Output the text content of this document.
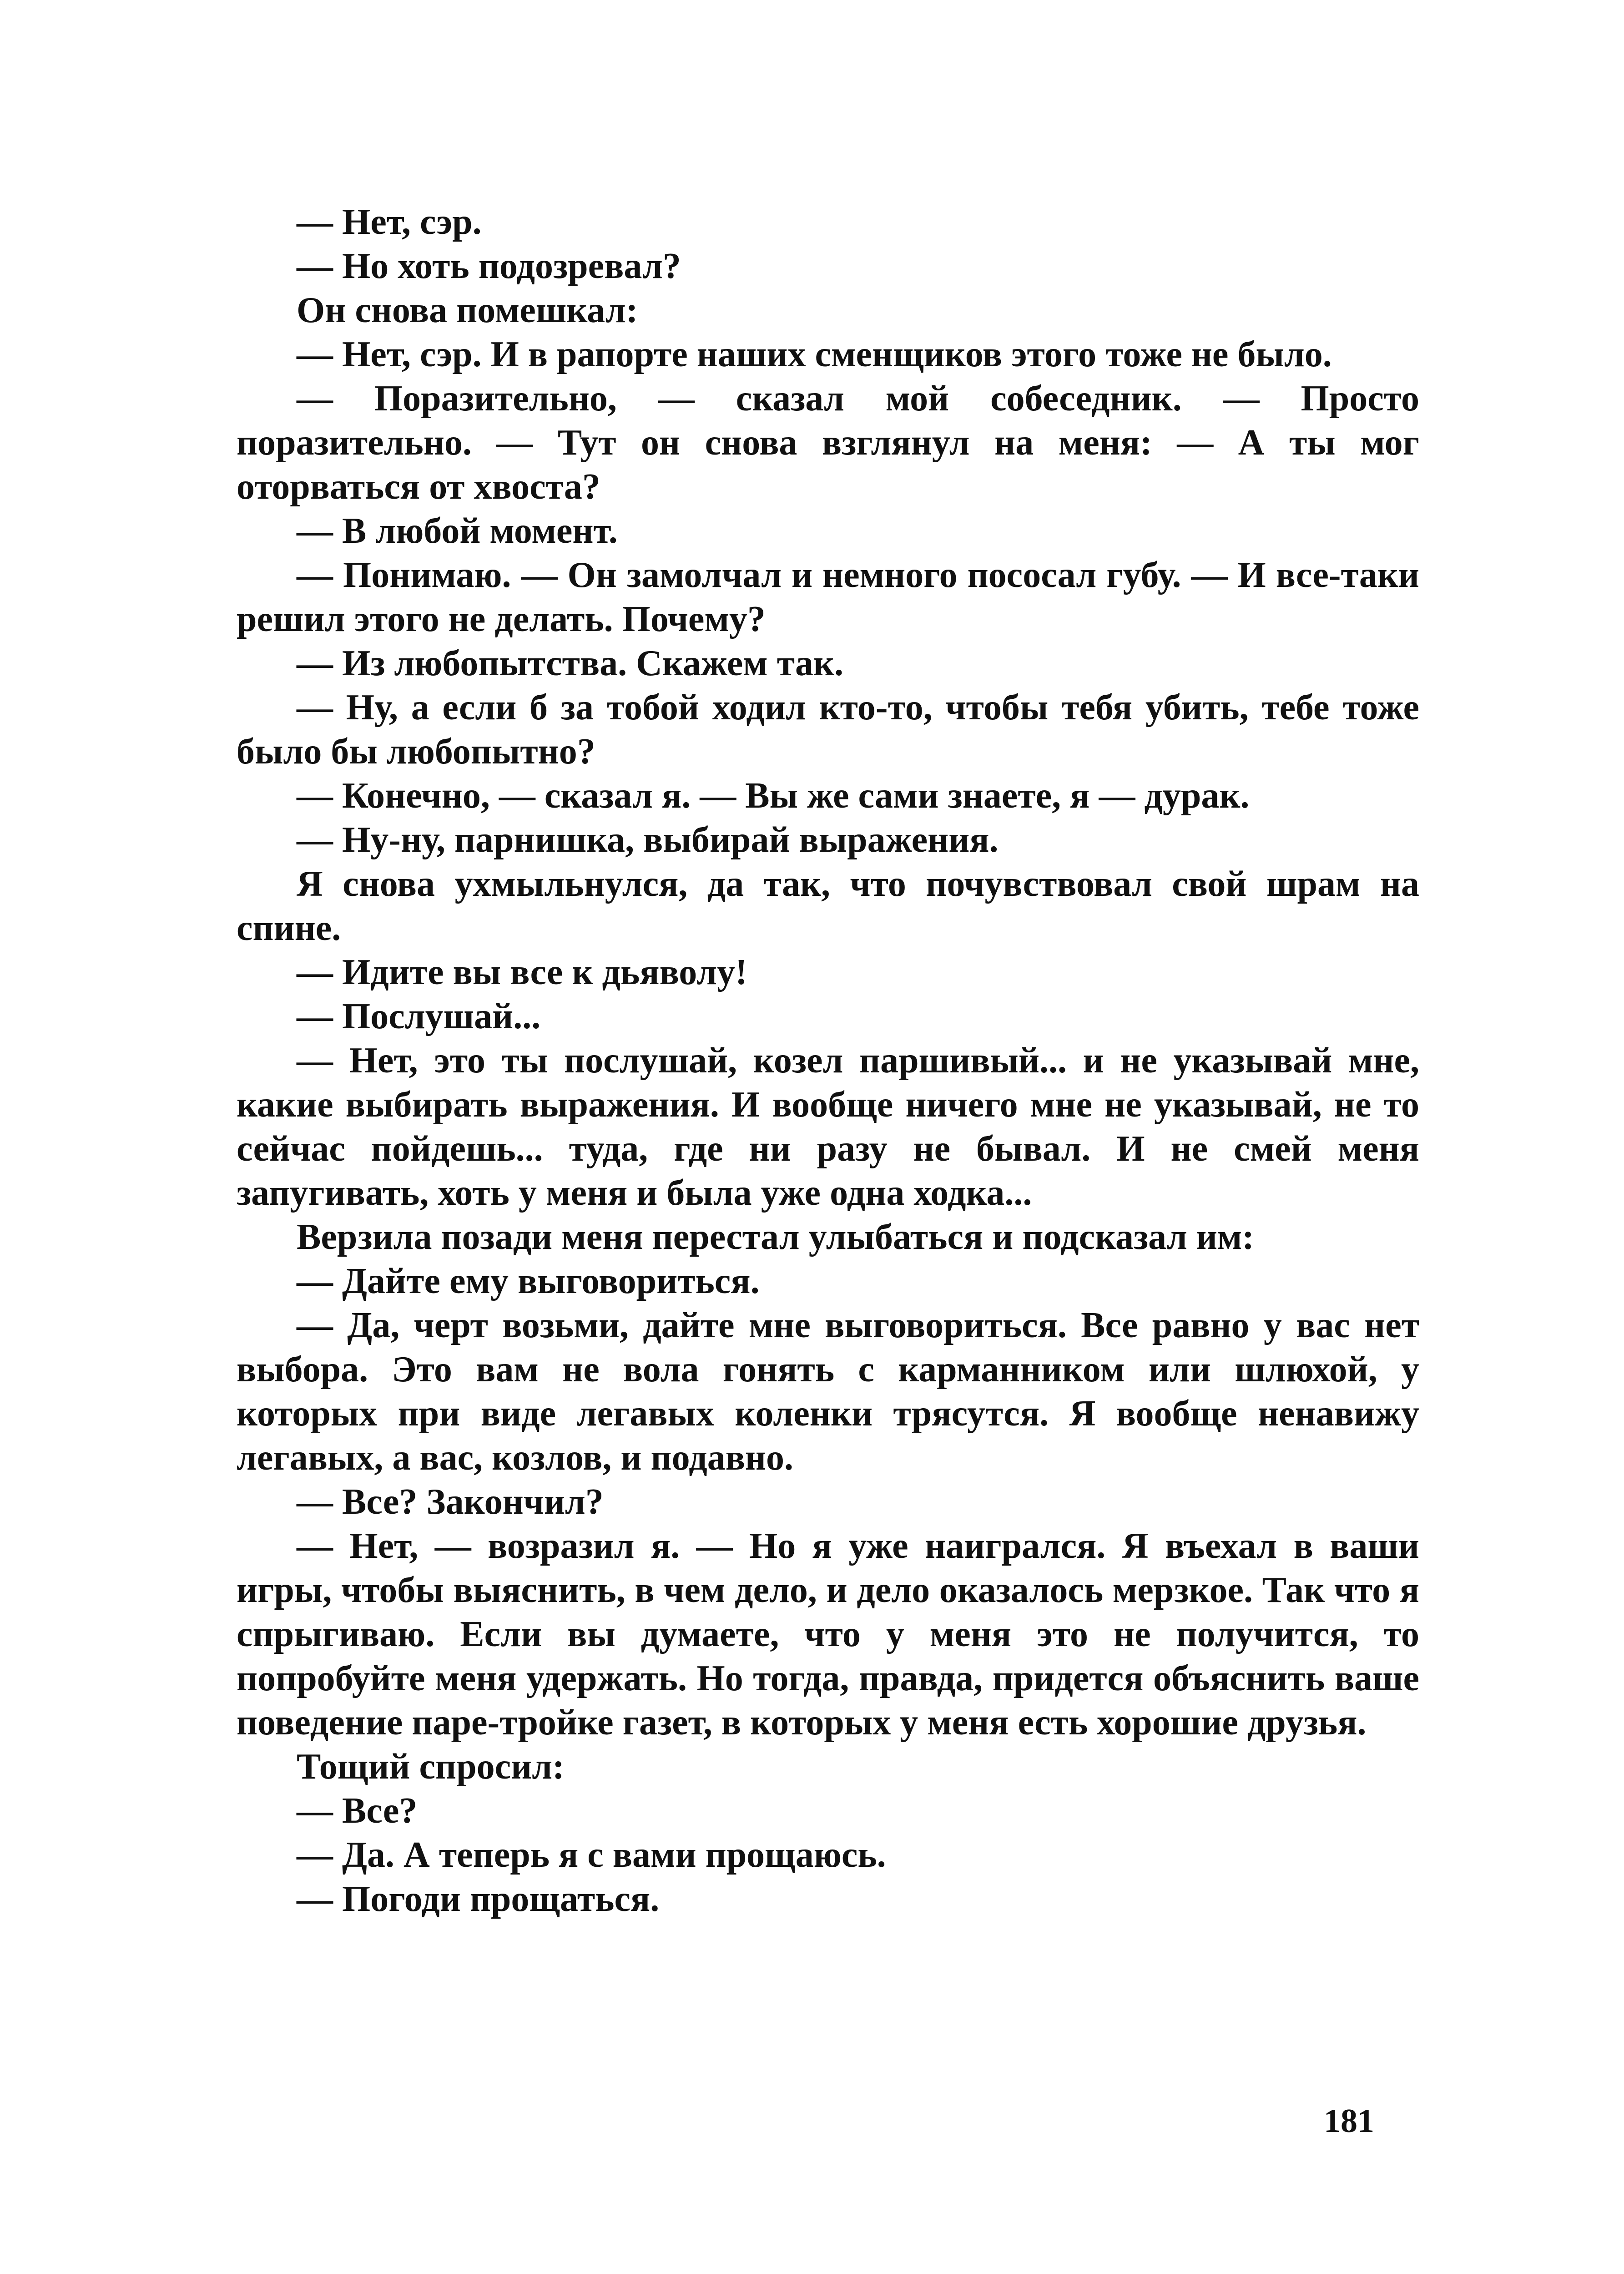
— Нет, сэр.

— Но хоть подозревал?

Он снова помешкал:

— Нет, сэр. И в рапорте наших сменщиков этого тоже не было.

— Поразительно, — сказал мой собеседник. — Просто поразительно. — Тут он снова взглянул на меня: — А ты мог оторваться от хвоста?

— В любой момент.

— Понимаю. — Он замолчал и немного пососал губу. — И все-таки решил этого не делать. Почему?

— Из любопытства. Скажем так.

— Ну, а если б за тобой ходил кто-то, чтобы тебя убить, тебе тоже было бы любопытно?

— Конечно, — сказал я. — Вы же сами знаете, я — дурак.

— Ну-ну, парнишка, выбирай выражения.

Я снова ухмыльнулся, да так, что почувствовал свой шрам на спине.

— Идите вы все к дьяволу!

— Послушай...

— Нет, это ты послушай, козел паршивый... и не указывай мне, какие выбирать выражения. И вообще ничего мне не указывай, не то сейчас пойдешь... туда, где ни разу не бывал. И не смей меня запугивать, хоть у меня и была уже одна ходка...

Верзила позади меня перестал улыбаться и подсказал им:

— Дайте ему выговориться.

— Да, черт возьми, дайте мне выговориться. Все равно у вас нет выбора. Это вам не вола гонять с карманником или шлюхой, у которых при виде легавых коленки трясутся. Я вообще ненавижу легавых, а вас, козлов, и подавно.

— Все? Закончил?

— Нет, — возразил я. — Но я уже наигрался. Я въехал в ваши игры, чтобы выяснить, в чем дело, и дело оказалось мерзкое. Так что я спрыгиваю. Если вы думаете, что у меня это не получится, то попробуйте меня удержать. Но тогда, правда, придется объяснить ваше поведение паре-тройке газет, в которых у меня есть хорошие друзья.

Тощий спросил:

— Все?

— Да. А теперь я с вами прощаюсь.

— Погоди прощаться.

181
